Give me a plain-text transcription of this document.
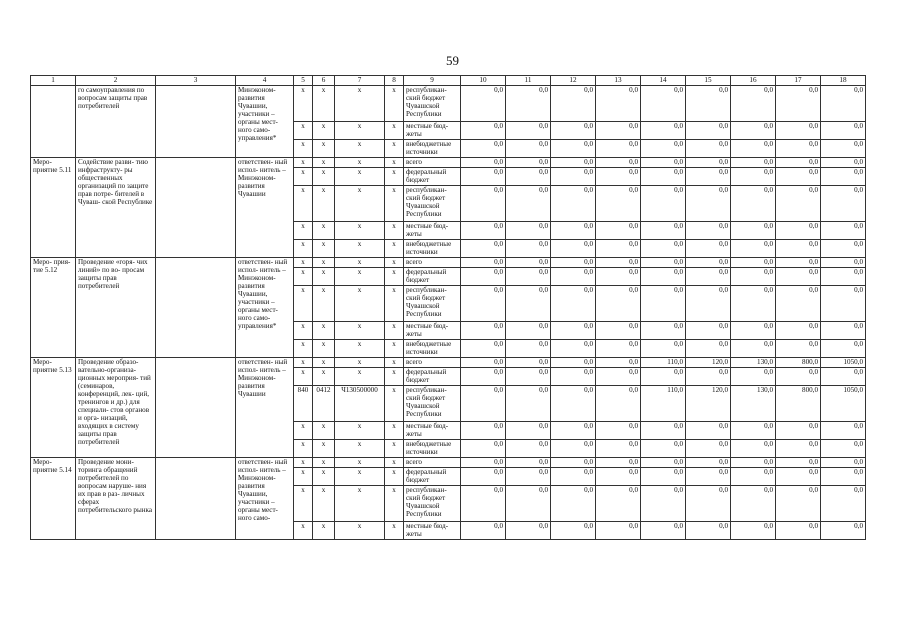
59
1	2	3	4	5	6	7	8	9	10	11	12	13	14	15	16	17	18
	го самоуправления по вопросам защиты прав потребителей		Минэконом- развития Чувашии, участники – органы мест- ного само- управления*	х	х	х	х	республикан- ский бюджет Чувашской Республики	0,0	0,0	0,0	0,0	0,0	0,0	0,0	0,0	0,0
				х	х	х	х	местные бюд- жеты	0,0	0,0	0,0	0,0	0,0	0,0	0,0	0,0	0,0
				х	х	х	х	внебюджетные источники	0,0	0,0	0,0	0,0	0,0	0,0	0,0	0,0	0,0
Меро- приятие 5.11	Содействие разви- тию инфраструкту- ры общественных организаций по защите прав потре- бителей в Чуваш- ской Республике		ответствен- ный испол- нитель – Минэконом- развития Чувашии	х	х	х	х	всего	0,0	0,0	0,0	0,0	0,0	0,0	0,0	0,0	0,0
				х	х	х	х	федеральный бюджет	0,0	0,0	0,0	0,0	0,0	0,0	0,0	0,0	0,0
				х	х	х	х	республикан- ский бюджет Чувашской Республики	0,0	0,0	0,0	0,0	0,0	0,0	0,0	0,0	0,0
				х	х	х	х	местные бюд- жеты	0,0	0,0	0,0	0,0	0,0	0,0	0,0	0,0	0,0
				х	х	х	х	внебюджетные источники	0,0	0,0	0,0	0,0	0,0	0,0	0,0	0,0	0,0
Меро- прия- тие 5.12	Проведение «горя- чих линий» по во- просам защиты прав потребителей		ответствен- ный испол- нитель – Минэконом- развития Чувашии, участники – органы мест- ного само- управления*	х	х	х	х	всего	0,0	0,0	0,0	0,0	0,0	0,0	0,0	0,0	0,0
				х	х	х	х	федеральный бюджет	0,0	0,0	0,0	0,0	0,0	0,0	0,0	0,0	0,0
				х	х	х	х	республикан- ский бюджет Чувашской Республики	0,0	0,0	0,0	0,0	0,0	0,0	0,0	0,0	0,0
				х	х	х	х	местные бюд- жеты	0,0	0,0	0,0	0,0	0,0	0,0	0,0	0,0	0,0
				х	х	х	х	внебюджетные источники	0,0	0,0	0,0	0,0	0,0	0,0	0,0	0,0	0,0
Меро- приятие 5.13	Проведение образо- вательно-организа- ционных мероприя- тий (семинаров, конференций, лек- ций, тренингов и др.) для специали- стов органов и орга- низаций, входящих в систему защиты прав потребителей		ответствен- ный испол- нитель – Минэконом- развития Чувашии	х	х	х	х	всего	0,0	0,0	0,0	0,0	110,0	120,0	130,0	800,0	1050,0
				х	х	х	х	федеральный бюджет	0,0	0,0	0,0	0,0	0,0	0,0	0,0	0,0	0,0
				840	0412	Ч130500000	х	республикан- ский бюджет Чувашской Республики	0,0	0,0	0,0	0,0	110,0	120,0	130,0	800,0	1050,0
				х	х	х	х	местные бюд- жеты	0,0	0,0	0,0	0,0	0,0	0,0	0,0	0,0	0,0
				х	х	х	х	внебюджетные источники	0,0	0,0	0,0	0,0	0,0	0,0	0,0	0,0	0,0
Меро- приятие 5.14	Проведение мони- торинга обращений потребителей по вопросам наруше- ния их прав в раз- личных сферах потребительского рынка		ответствен- ный испол- нитель – Минэконом- развития Чувашии, участники – органы мест- ного само-	х	х	х	х	всего	0,0	0,0	0,0	0,0	0,0	0,0	0,0	0,0	0,0
				х	х	х	х	федеральный бюджет	0,0	0,0	0,0	0,0	0,0	0,0	0,0	0,0	0,0
				х	х	х	х	республикан- ский бюджет Чувашской Республики	0,0	0,0	0,0	0,0	0,0	0,0	0,0	0,0	0,0
				х	х	х	х	местные бюд- жеты	0,0	0,0	0,0	0,0	0,0	0,0	0,0	0,0	0,0
